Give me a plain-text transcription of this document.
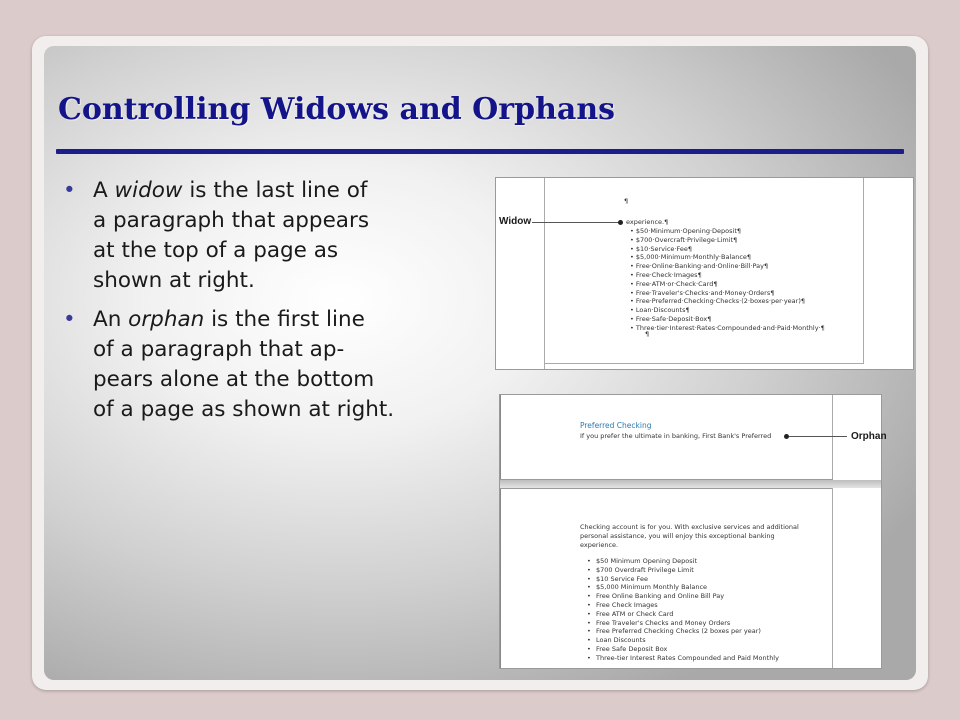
Controlling Widows and Orphans
• A widow is the last line of
a paragraph that appears
at the top of a page as
shown at right.
• An orphan is the first line
of a paragraph that ap-
pears alone at the bottom
of a page as shown at right.
¶
Widow	experience.¶
• $50·Minimum·Opening·Deposit¶
• $700·Overcraft·Privilege·Limit¶
• $10·Service·Fee¶
• $5,000·Minimum·Monthly·Balance¶
• Free·Online·Banking·and·Online·Bill·Pay¶
• Free·Check·Images¶
• Free·ATM·or·Check·Card¶
• Free·Traveler's·Checks·and·Money·Orders¶
• Free·Preferred·Checking·Checks·(2·boxes·per·year)¶
• Loan·Discounts¶
• Free·Safe·Deposit·Box¶
• Three·tier·Interest·Rates·Compounded·and·Paid·Monthly·¶
¶
Preferred Checking
If you prefer the ultimate in banking, First Bank's Preferred	Orphan
Checking account is for you. With exclusive services and additional
personal assistance, you will enjoy this exceptional banking
experience.
• $50 Minimum Opening Deposit
• $700 Overdraft Privilege Limit
• $10 Service Fee
• $5,000 Minimum Monthly Balance
• Free Online Banking and Online Bill Pay
• Free Check Images
• Free ATM or Check Card
• Free Traveler's Checks and Money Orders
• Free Preferred Checking Checks (2 boxes per year)
• Loan Discounts
• Free Safe Deposit Box
• Three-tier Interest Rates Compounded and Paid Monthly
